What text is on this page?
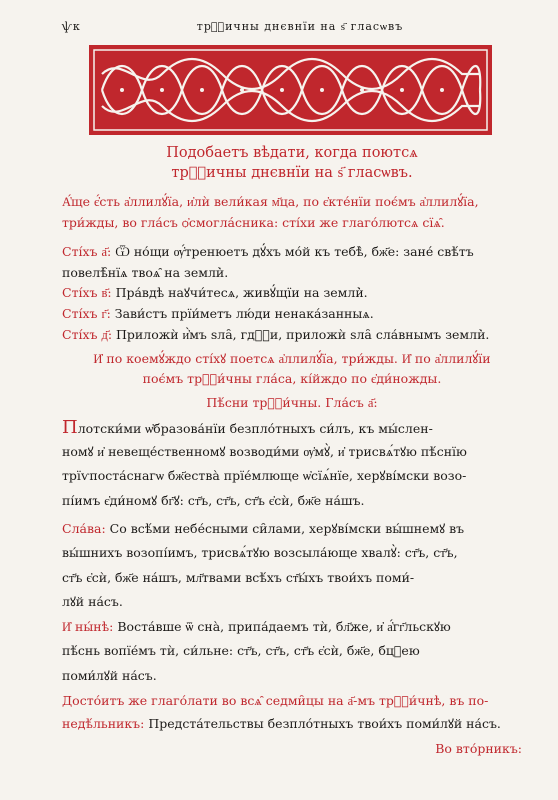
ѱк	трⷪ҇ичны днєвнїи на ѕ҃ гласѡвъ
Подобаетъ вѣдати, когда поютсѧ
трⷪ҇ичны днєвнїи на ѕ҃ гласѡвъ.
А҆́ще є҆́сть а҆ллилꙋ́їа, и҆лѝ вели́кая м҃ца, по є҆кте́нїи поє́мъ а҆ллилꙋ́їа,
три́жды, во гла́съ ѻ҆смоглáсника: сті́хи же глаго́лютсѧ сїѧ̑.
Сті́хъ а҃: Ѿ но́щи ѹ҆́тренюетъ дꙋ́хъ мо́й къ тебѣ̀, бж҃е: зане́ свѣ́тъ
повелѣ̑нїѧ твоѧ̑ на земли̇̀.
Сті́хъ в҃: Пра́вдѣ наꙋчи́тесѧ, живꙋ́щїи на земли̇̀.
Сті́хъ г҃: Зави́стъ прїи́метъ лю́ди ненака́занныѧ.
Сті́хъ д҃: Приложѝ и҆̀мъ ѕла̑, гдⷭ҇и, приложѝ ѕла̑ сла́внымъ земли̇̀.
И҆ по коемꙋ́ждо сті́хꙋ поетсѧ а҆ллилꙋ́їа, три́жды. И҆ по а҆ллилꙋ́їи
поє́мъ трⷪ҇и́чны гла́са, кі́йждо по є҆ди́ножды.
Пѣ́сни трⷪ҇и́чны. Гла́съ а҃:
Плотски́ми ѡ҆бразова́нїи безпло́тныхъ си́лъ, къ мы́слен-
номꙋ и҆ невеще́ственномꙋ возводи́ми ѹ҆мꙋ̀, и҆ трисвѧ́тꙋю пѣ́снїю
трїѵпоста́снагѡ бж҃ества̀ прїе́млюще ѡ҆сїѧ́нїе, херꙋві́мски возо-
пі́имъ є҆ди́номꙋ бг҃ꙋ: ст҃ъ, ст҃ъ, ст҃ъ є҆сѝ, бж҃е на́шъ.
Сла́ва: Со всѣ́ми небе́сными си̑лами, херꙋві́мски вы́шнемꙋ въ
вы́шнихъ возопі́имъ, трисвѧ́тꙋю возсыла́юще хвалꙋ̀: ст҃ъ, ст҃ъ,
ст҃ъ є҆сѝ, бж҃е на́шъ, мл҃твами всѣ́хъ ст҃ы́хъ твои́хъ поми́-
лꙋй на́съ.
И҆ ны́нѣ: Воста́вше ѿ сна̀, припа́даемъ тѝ, бл҃же, и҆ а҆́гг҃льскꙋю
пѣ́снь вопїе́мъ тѝ, си́льне: ст҃ъ, ст҃ъ, ст҃ъ є҆сѝ, бж҃е, бцⷣею
поми́лꙋй на́съ.
Досто́итъ же глаго́лати во всѧ̑ седми̑цы на а҃-мъ трⷪ҇и́чнѣ, въ по-
недѣ́льникъ: Предста́тельствы безпло́тныхъ твои́хъ поми́лꙋй на́съ.
Во вто́рникъ:
